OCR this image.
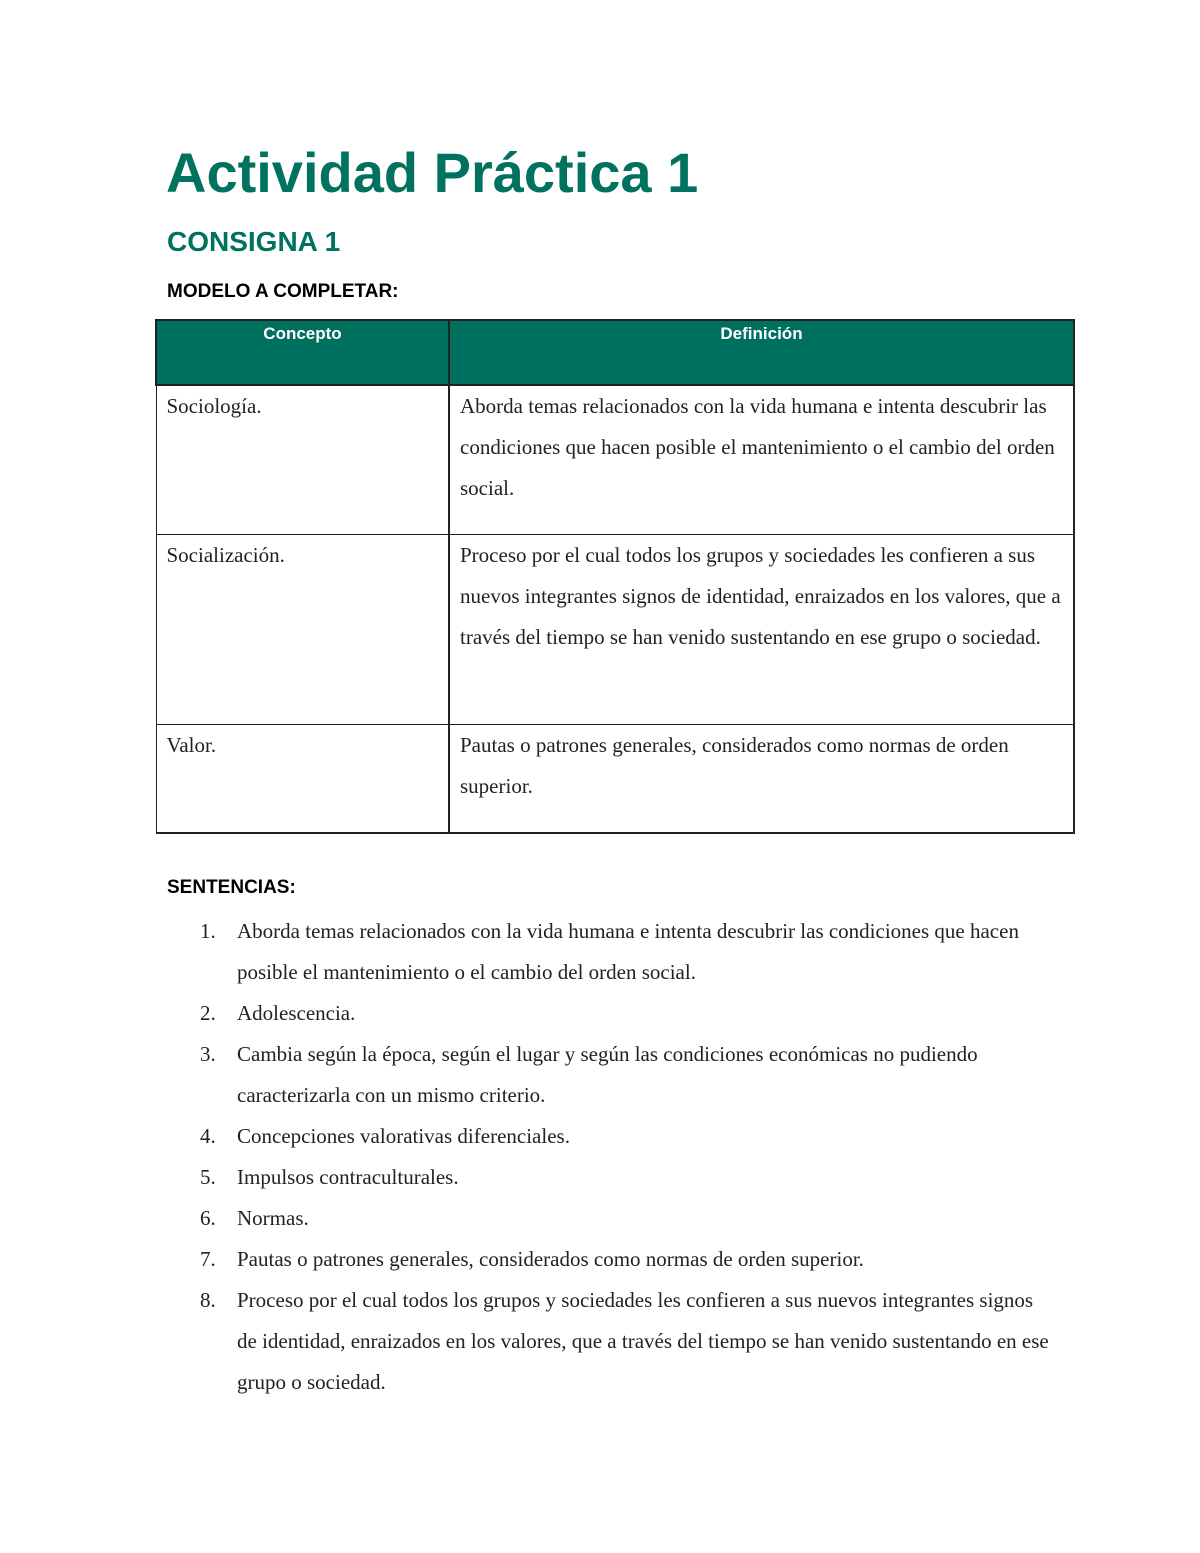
Actividad Práctica 1
CONSIGNA 1

MODELO A COMPLETAR:

Concepto	Definición
Sociología.	Aborda temas relacionados con la vida humana e intenta descubrir las condiciones que hacen posible el mantenimiento o el cambio del orden social.
Socialización.	Proceso por el cual todos los grupos y sociedades les confieren a sus nuevos integrantes signos de identidad, enraizados en los valores, que a través del tiempo se han venido sustentando en ese grupo o sociedad.
Valor.	Pautas o patrones generales, considerados como normas de orden superior.

SENTENCIAS:

1. Aborda temas relacionados con la vida humana e intenta descubrir las condiciones que hacen posible el mantenimiento o el cambio del orden social.
2. Adolescencia.
3. Cambia según la época, según el lugar y según las condiciones económicas no pudiendo caracterizarla con un mismo criterio.
4. Concepciones valorativas diferenciales.
5. Impulsos contraculturales.
6. Normas.
7. Pautas o patrones generales, considerados como normas de orden superior.
8. Proceso por el cual todos los grupos y sociedades les confieren a sus nuevos integrantes signos de identidad, enraizados en los valores, que a través del tiempo se han venido sustentando en ese grupo o sociedad.
